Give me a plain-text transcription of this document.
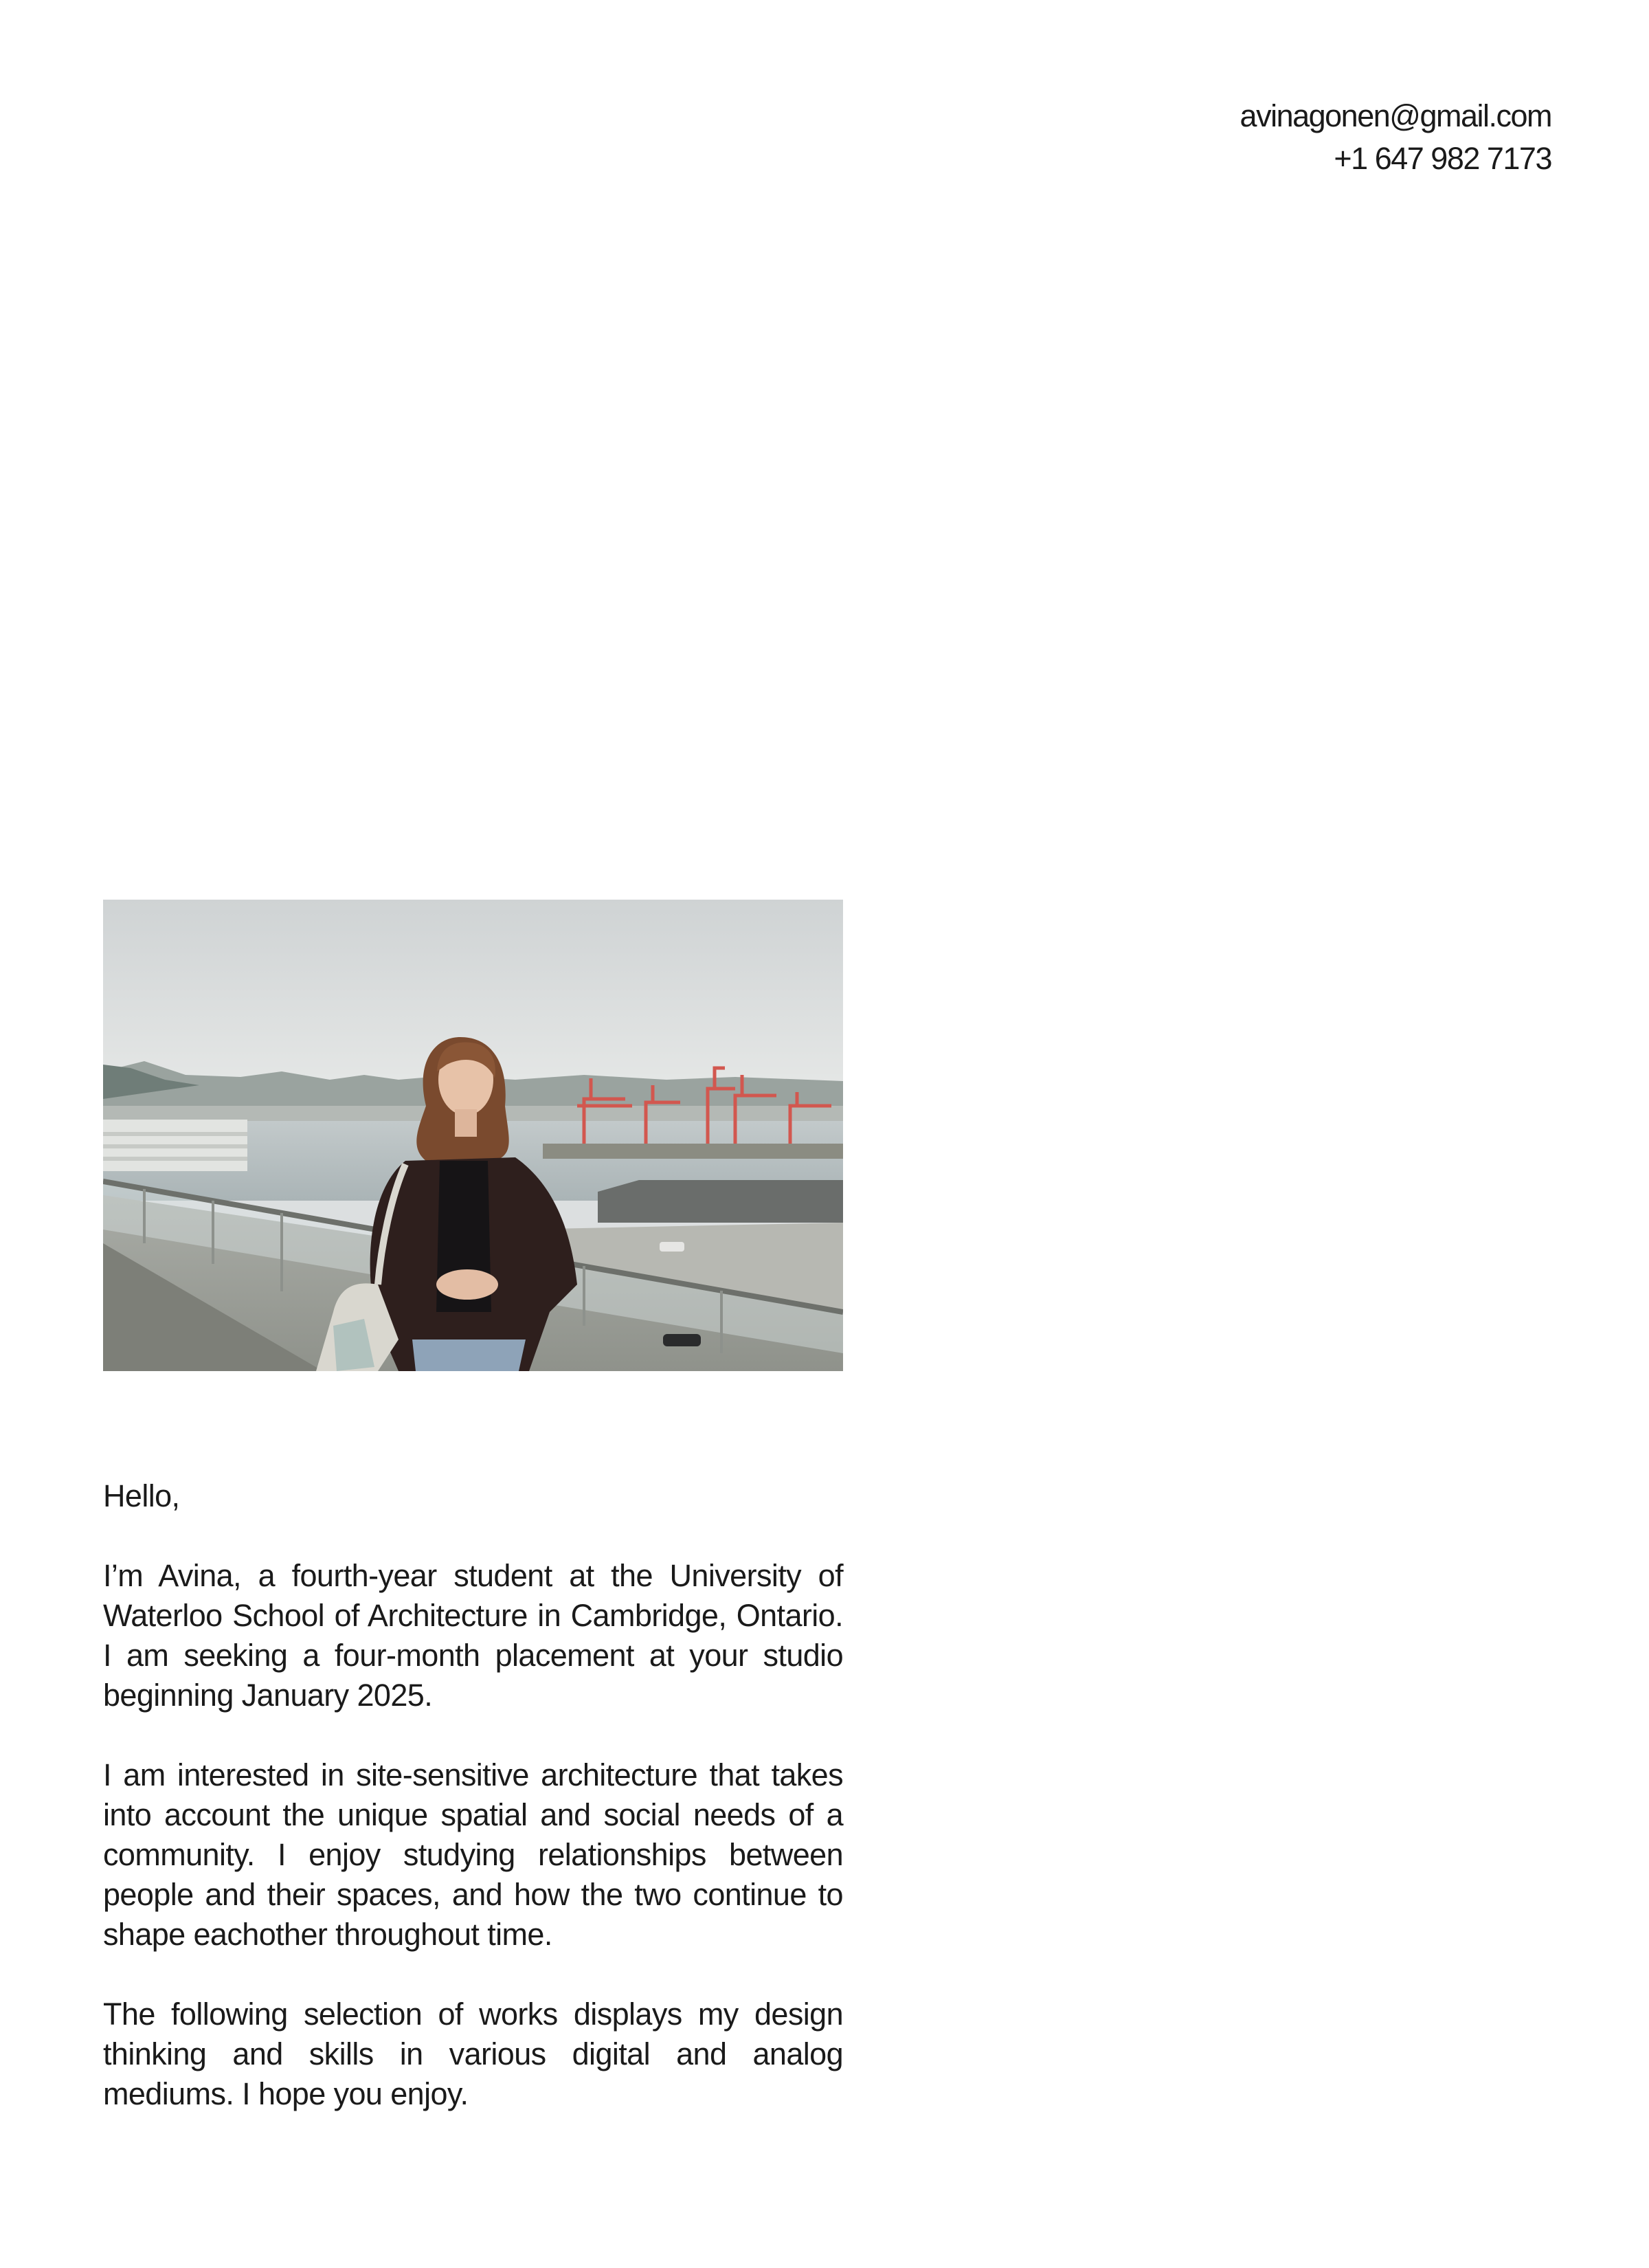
avinagonen@gmail.com
+1 647 982 7173

Hello,

I’m Avina, a fourth-year student at the University of Waterloo School of Architecture in Cambridge, Ontario. I am seeking a four-month placement at your studio beginning January 2025.

I am interested in site-sensitive architecture that takes into account the unique spatial and social needs of a community. I enjoy studying relationships between people and their spaces, and how the two continue to shape eachother throughout time.

The following selection of works displays my design thinking and skills in various digital and analog mediums. I hope you enjoy.
